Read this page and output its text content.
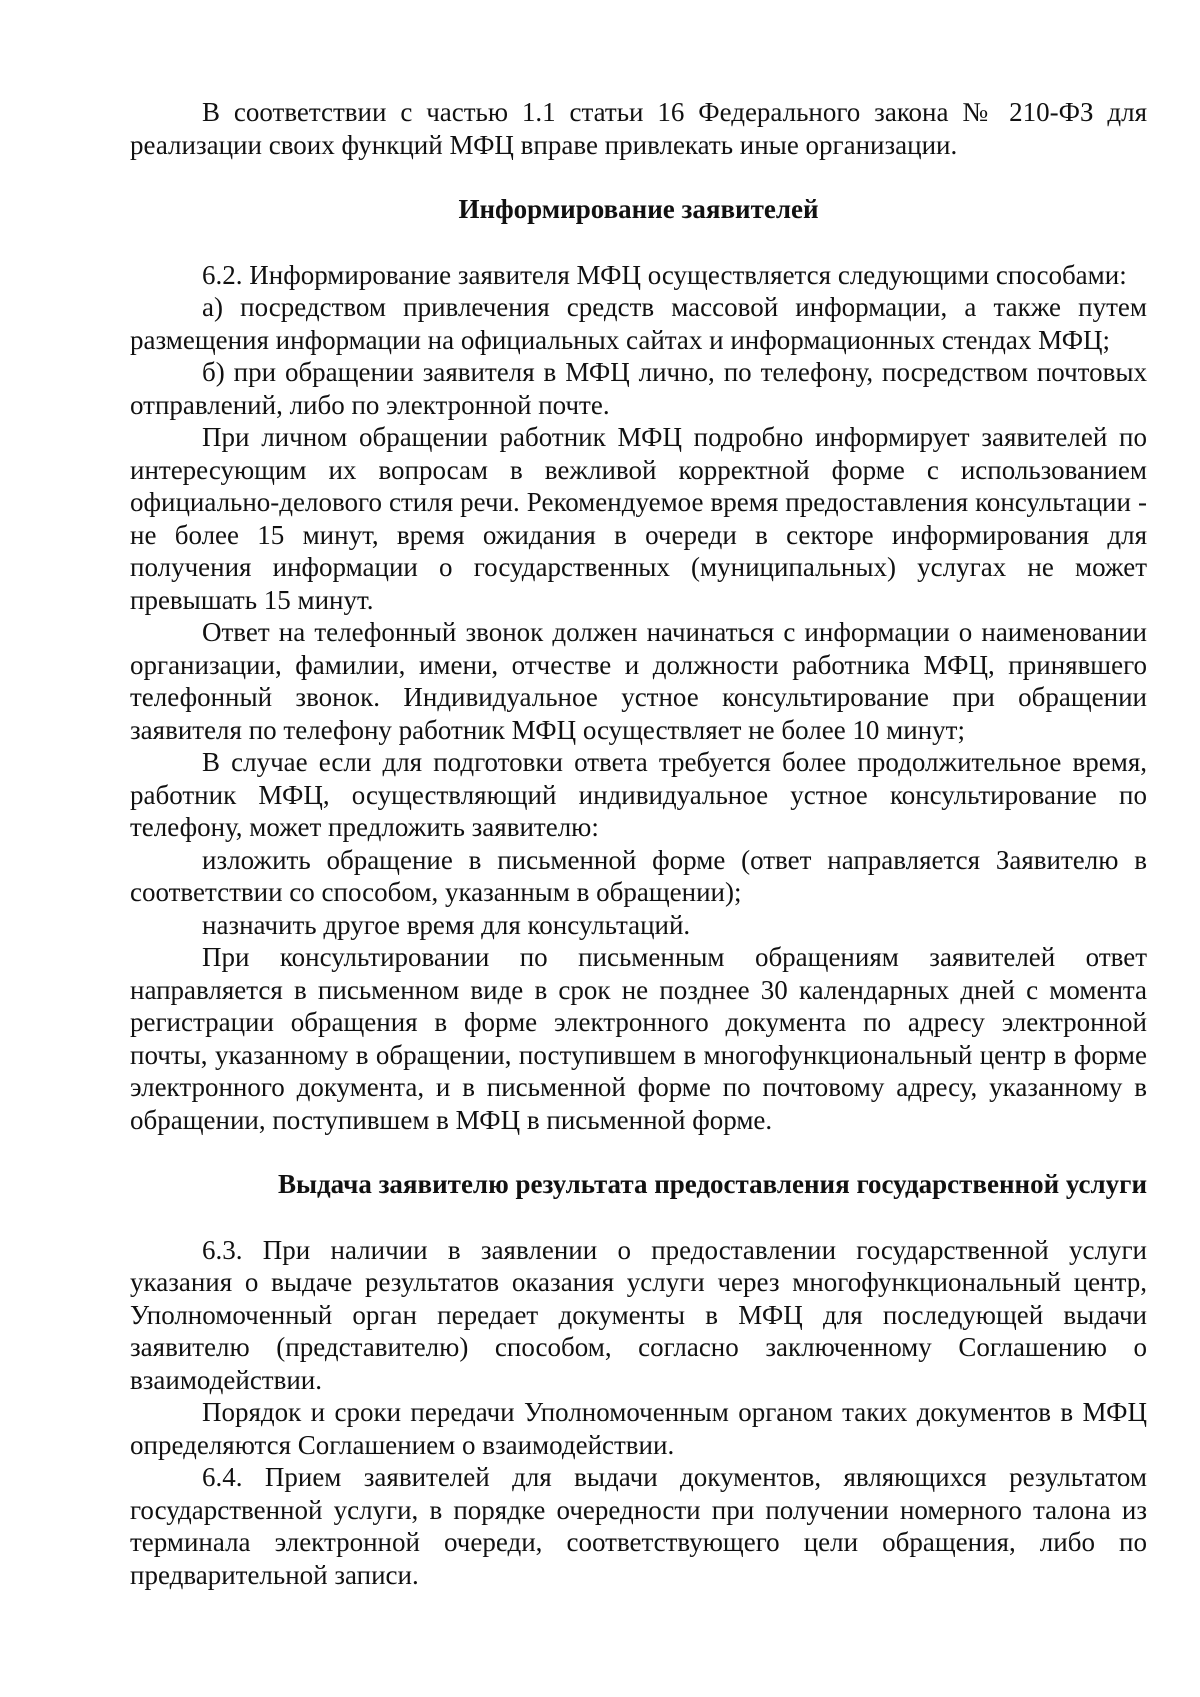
В соответствии с частью 1.1 статьи 16 Федерального закона № 210-ФЗ для реализации своих функций МФЦ вправе привлекать иные организации.

Информирование заявителей

6.2. Информирование заявителя МФЦ осуществляется следующими способами:

а) посредством привлечения средств массовой информации, а также путем размещения информации на официальных сайтах и информационных стендах МФЦ;

б) при обращении заявителя в МФЦ лично, по телефону, посредством почтовых отправлений, либо по электронной почте.

При личном обращении работник МФЦ подробно информирует заявителей по интересующим их вопросам в вежливой корректной форме с использованием официально-делового стиля речи. Рекомендуемое время предоставления консультации - не более 15 минут, время ожидания в очереди в секторе информирования для получения информации о государственных (муниципальных) услугах не может превышать 15 минут.

Ответ на телефонный звонок должен начинаться с информации о наименовании организации, фамилии, имени, отчестве и должности работника МФЦ, принявшего телефонный звонок. Индивидуальное устное консультирование при обращении заявителя по телефону работник МФЦ осуществляет не более 10 минут;

В случае если для подготовки ответа требуется более продолжительное время, работник МФЦ, осуществляющий индивидуальное устное консультирование по телефону, может предложить заявителю:

изложить обращение в письменной форме (ответ направляется Заявителю в соответствии со способом, указанным в обращении);

назначить другое время для консультаций.

При консультировании по письменным обращениям заявителей ответ направляется в письменном виде в срок не позднее 30 календарных дней с момента регистрации обращения в форме электронного документа по адресу электронной почты, указанному в обращении, поступившем в многофункциональный центр в форме электронного документа, и в письменной форме по почтовому адресу, указанному в обращении, поступившем в МФЦ в письменной форме.

Выдача заявителю результата предоставления государственной услуги

6.3. При наличии в заявлении о предоставлении государственной услуги указания о выдаче результатов оказания услуги через многофункциональный центр, Уполномоченный орган передает документы в МФЦ для последующей выдачи заявителю (представителю) способом, согласно заключенному Соглашению о взаимодействии.

Порядок и сроки передачи Уполномоченным органом таких документов в МФЦ определяются Соглашением о взаимодействии.

6.4. Прием заявителей для выдачи документов, являющихся результатом государственной услуги, в порядке очередности при получении номерного талона из терминала электронной очереди, соответствующего цели обращения, либо по предварительной записи.
